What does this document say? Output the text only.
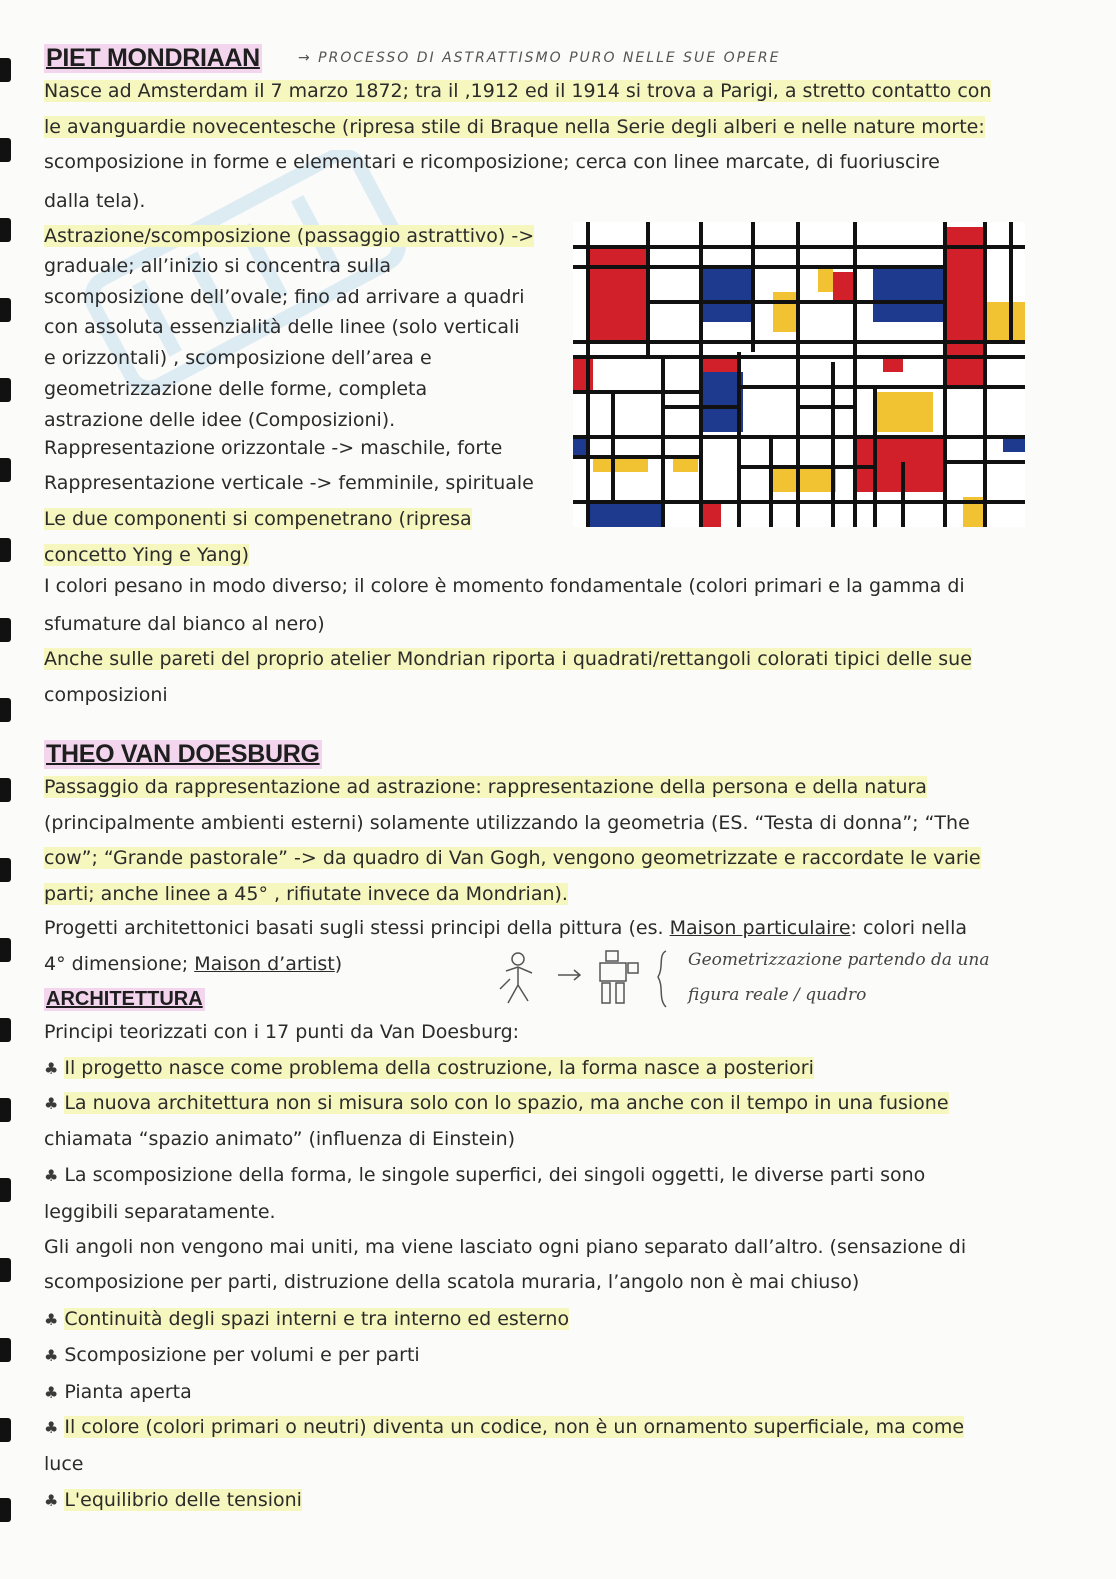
PIET MONDRIAAN	→ PROCESSO DI ASTRATTISMO PURO NELLE SUE OPERE
Nasce ad Amsterdam il 7 marzo 1872; tra il ,1912 ed il 1914 si trova a Parigi, a stretto contatto con
le avanguardie novecentesche (ripresa stile di Braque nella Serie degli alberi e nelle nature morte:
scomposizione in forme e elementari e ricomposizione; cerca con linee marcate, di fuoriuscire
dalla tela).
Astrazione/scomposizione (passaggio astrattivo) ->
graduale; all’inizio si concentra sulla
scomposizione dell’ovale; fino ad arrivare a quadri
con assoluta essenzialità delle linee (solo verticali
e orizzontali) , scomposizione dell’area e
geometrizzazione delle forme, completa
astrazione delle idee (Composizioni).
Rappresentazione orizzontale -> maschile, forte
Rappresentazione verticale -> femminile, spirituale
Le due componenti si compenetrano (ripresa
concetto Ying e Yang)
I colori pesano in modo diverso; il colore è momento fondamentale (colori primari e la gamma di
sfumature dal bianco al nero)
Anche sulle pareti del proprio atelier Mondrian riporta i quadrati/rettangoli colorati tipici delle sue
composizioni
THEO VAN DOESBURG
Passaggio da rappresentazione ad astrazione: rappresentazione della persona e della natura
(principalmente ambienti esterni) solamente utilizzando la geometria (ES. “Testa di donna”; “The
cow”; “Grande pastorale” -> da quadro di Van Gogh, vengono geometrizzate e raccordate le varie
parti; anche linee a 45° , rifiutate invece da Mondrian).
Progetti architettonici basati sugli stessi principi della pittura (es. Maison particulaire: colori nella
4° dimensione; Maison d’artist)	Geometrizzazione partendo da una
figura reale / quadro
ARCHITETTURA
Principi teorizzati con i 17 punti da Van Doesburg:
♣ Il progetto nasce come problema della costruzione, la forma nasce a posteriori
♣ La nuova architettura non si misura solo con lo spazio, ma anche con il tempo in una fusione
chiamata “spazio animato” (influenza di Einstein)
♣ La scomposizione della forma, le singole superfici, dei singoli oggetti, le diverse parti sono
leggibili separatamente.
Gli angoli non vengono mai uniti, ma viene lasciato ogni piano separato dall’altro. (sensazione di
scomposizione per parti, distruzione della scatola muraria, l’angolo non è mai chiuso)
♣ Continuità degli spazi interni e tra interno ed esterno
♣ Scomposizione per volumi e per parti
♣ Pianta aperta
♣ Il colore (colori primari o neutri) diventa un codice, non è un ornamento superficiale, ma come
luce
♣ L'equilibrio delle tensioni
